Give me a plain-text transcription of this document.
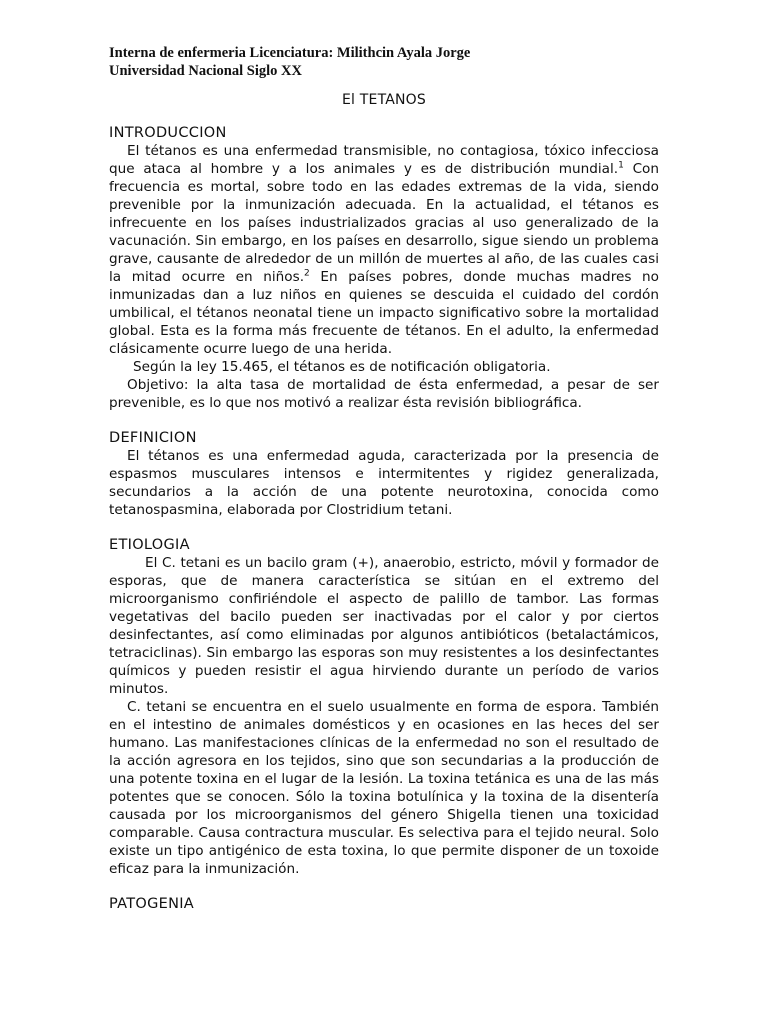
Interna de enfermeria Licenciatura: Milithcin Ayala Jorge

Universidad Nacional Siglo XX

El TETANOS

INTRODUCCION

El tétanos es una enfermedad transmisible, no contagiosa, tóxico infecciosa que ataca al hombre y a los animales y es de distribución mundial.$^1$ Con frecuencia es mortal, sobre todo en las edades extremas de la vida, siendo prevenible por la inmunización adecuada. En la actualidad, el tétanos es infrecuente en los países industrializados gracias al uso generalizado de la vacunación. Sin embargo, en los países en desarrollo, sigue siendo un problema grave, causante de alrededor de un millón de muertes al año, de las cuales casi la mitad ocurre en niños.$^2$ En países pobres, donde muchas madres no inmunizadas dan a luz niños en quienes se descuida el cuidado del cordón umbilical, el tétanos neonatal tiene un impacto significativo sobre la mortalidad global. Esta es la forma más frecuente de tétanos. En el adulto, la enfermedad clásicamente ocurre luego de una herida.

Según la ley 15.465, el tétanos es de notificación obligatoria.

Objetivo: la alta tasa de mortalidad de ésta enfermedad, a pesar de ser prevenible, es lo que nos motivó a realizar ésta revisión bibliográfica.

DEFINICION

El tétanos es una enfermedad aguda, caracterizada por la presencia de espasmos musculares intensos e intermitentes y rigidez generalizada, secundarios a la acción de una potente neurotoxina, conocida como tetanospasmina, elaborada por Clostridium tetani.

ETIOLOGIA

El C. tetani es un bacilo gram (+), anaerobio, estricto, móvil y formador de esporas, que de manera característica se sitúan en el extremo del microorganismo confiriéndole el aspecto de palillo de tambor. Las formas vegetativas del bacilo pueden ser inactivadas por el calor y por ciertos desinfectantes, así como eliminadas por algunos antibióticos (betalactámicos, tetraciclinas). Sin embargo las esporas son muy resistentes a los desinfectantes químicos y pueden resistir el agua hirviendo durante un período de varios minutos.

C. tetani se encuentra en el suelo usualmente en forma de espora. También en el intestino de animales domésticos y en ocasiones en las heces del ser humano. Las manifestaciones clínicas de la enfermedad no son el resultado de la acción agresora en los tejidos, sino que son secundarias a la producción de una potente toxina en el lugar de la lesión. La toxina tetánica es una de las más potentes que se conocen. Sólo la toxina botulínica y la toxina de la disentería causada por los microorganismos del género Shigella tienen una toxicidad comparable. Causa contractura muscular. Es selectiva para el tejido neural. Solo existe un tipo antigénico de esta toxina, lo que permite disponer de un toxoide eficaz para la inmunización.

PATOGENIA
